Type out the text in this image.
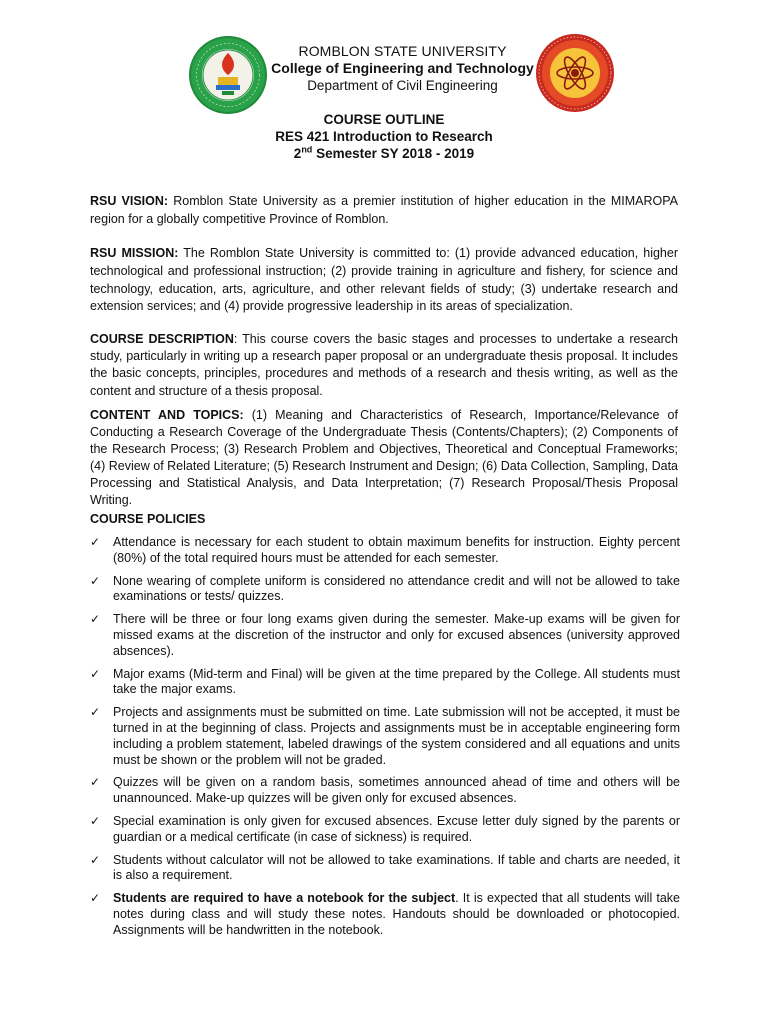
ROMBLON STATE UNIVERSITY
College of Engineering and Technology
Department of Civil Engineering
COURSE OUTLINE
RES 421 Introduction to Research
2nd Semester SY 2018 - 2019

RSU VISION: Romblon State University as a premier institution of higher education in the MIMAROPA region for a globally competitive Province of Romblon.

RSU MISSION: The Romblon State University is committed to: (1) provide advanced education, higher technological and professional instruction; (2) provide training in agriculture and fishery, for science and technology, education, arts, agriculture, and other relevant fields of study; (3) undertake research and extension services; and (4) provide progressive leadership in its areas of specialization.

COURSE DESCRIPTION: This course covers the basic stages and processes to undertake a research study, particularly in writing up a research paper proposal or an undergraduate thesis proposal. It includes the basic concepts, principles, procedures and methods of a research and thesis writing, as well as the content and structure of a thesis proposal.

CONTENT AND TOPICS: (1) Meaning and Characteristics of Research, Importance/Relevance of Conducting a Research Coverage of the Undergraduate Thesis (Contents/Chapters); (2) Components of the Research Process; (3) Research Problem and Objectives, Theoretical and Conceptual Frameworks; (4) Review of Related Literature; (5) Research Instrument and Design; (6) Data Collection, Sampling, Data Processing and Statistical Analysis, and Data Interpretation; (7) Research Proposal/Thesis Proposal Writing.

COURSE POLICIES
✓ Attendance is necessary for each student to obtain maximum benefits for instruction. Eighty percent (80%) of the total required hours must be attended for each semester.
✓ None wearing of complete uniform is considered no attendance credit and will not be allowed to take examinations or tests/ quizzes.
✓ There will be three or four long exams given during the semester. Make-up exams will be given for missed exams at the discretion of the instructor and only for excused absences (university approved absences).
✓ Major exams (Mid-term and Final) will be given at the time prepared by the College. All students must take the major exams.
✓ Projects and assignments must be submitted on time. Late submission will not be accepted, it must be turned in at the beginning of class. Projects and assignments must be in acceptable engineering form including a problem statement, labeled drawings of the system considered and all equations and units must be shown or the problem will not be graded.
✓ Quizzes will be given on a random basis, sometimes announced ahead of time and others will be unannounced. Make-up quizzes will be given only for excused absences.
✓ Special examination is only given for excused absences. Excuse letter duly signed by the parents or guardian or a medical certificate (in case of sickness) is required.
✓ Students without calculator will not be allowed to take examinations. If table and charts are needed, it is also a requirement.
✓ Students are required to have a notebook for the subject. It is expected that all students will take notes during class and will study these notes. Handouts should be downloaded or photocopied. Assignments will be handwritten in the notebook.
